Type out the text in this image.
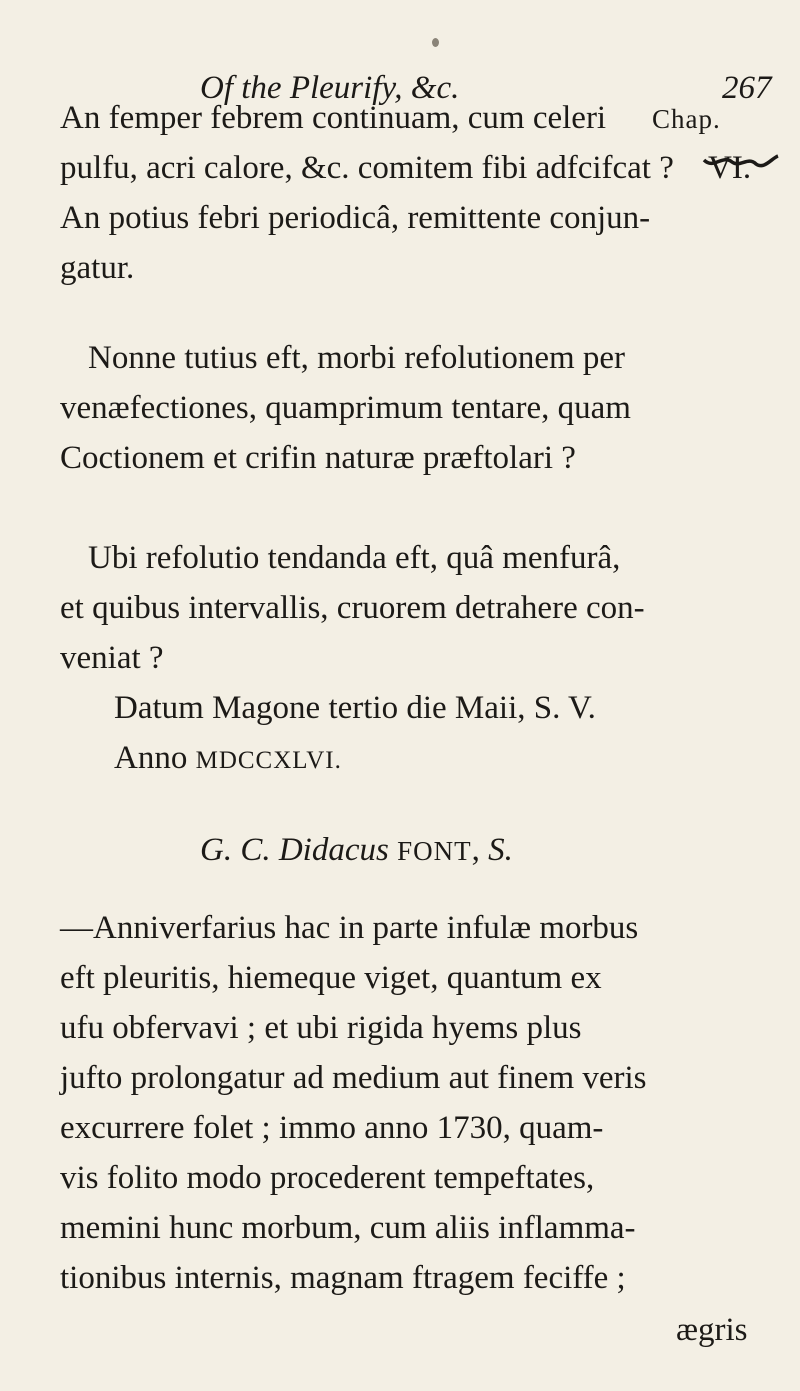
Of the Pleurify, &c.	267
An femper febrem continuam, cum celeri Chap.
pulfu, acri calore, &c. comitem fibi adfcifcat ? VI.
An potius febri periodicâ, remittente conjun-
gatur.
Nonne tutius eft, morbi refolutionem per
venæfectiones, quamprimum tentare, quam
Coctionem et crifin naturæ præftolari ?
Ubi refolutio tendanda eft, quâ menfurâ,
et quibus intervallis, cruorem detrahere con-
veniat ?
Datum Magone tertio die Maii, S. V.
Anno MDCCXLVI.
G. C. Didacus FONT, S.
—Anniverfarius hac in parte infulæ morbus
eft pleuritis, hiemeque viget, quantum ex
ufu obfervavi ; et ubi rigida hyems plus
jufto prolongatur ad medium aut finem veris
excurrere folet ; immo anno 1730, quam-
vis folito modo procederent tempeftates,
memini hunc morbum, cum aliis inflamma-
tionibus internis, magnam ftragem feciffe ;
ægris
